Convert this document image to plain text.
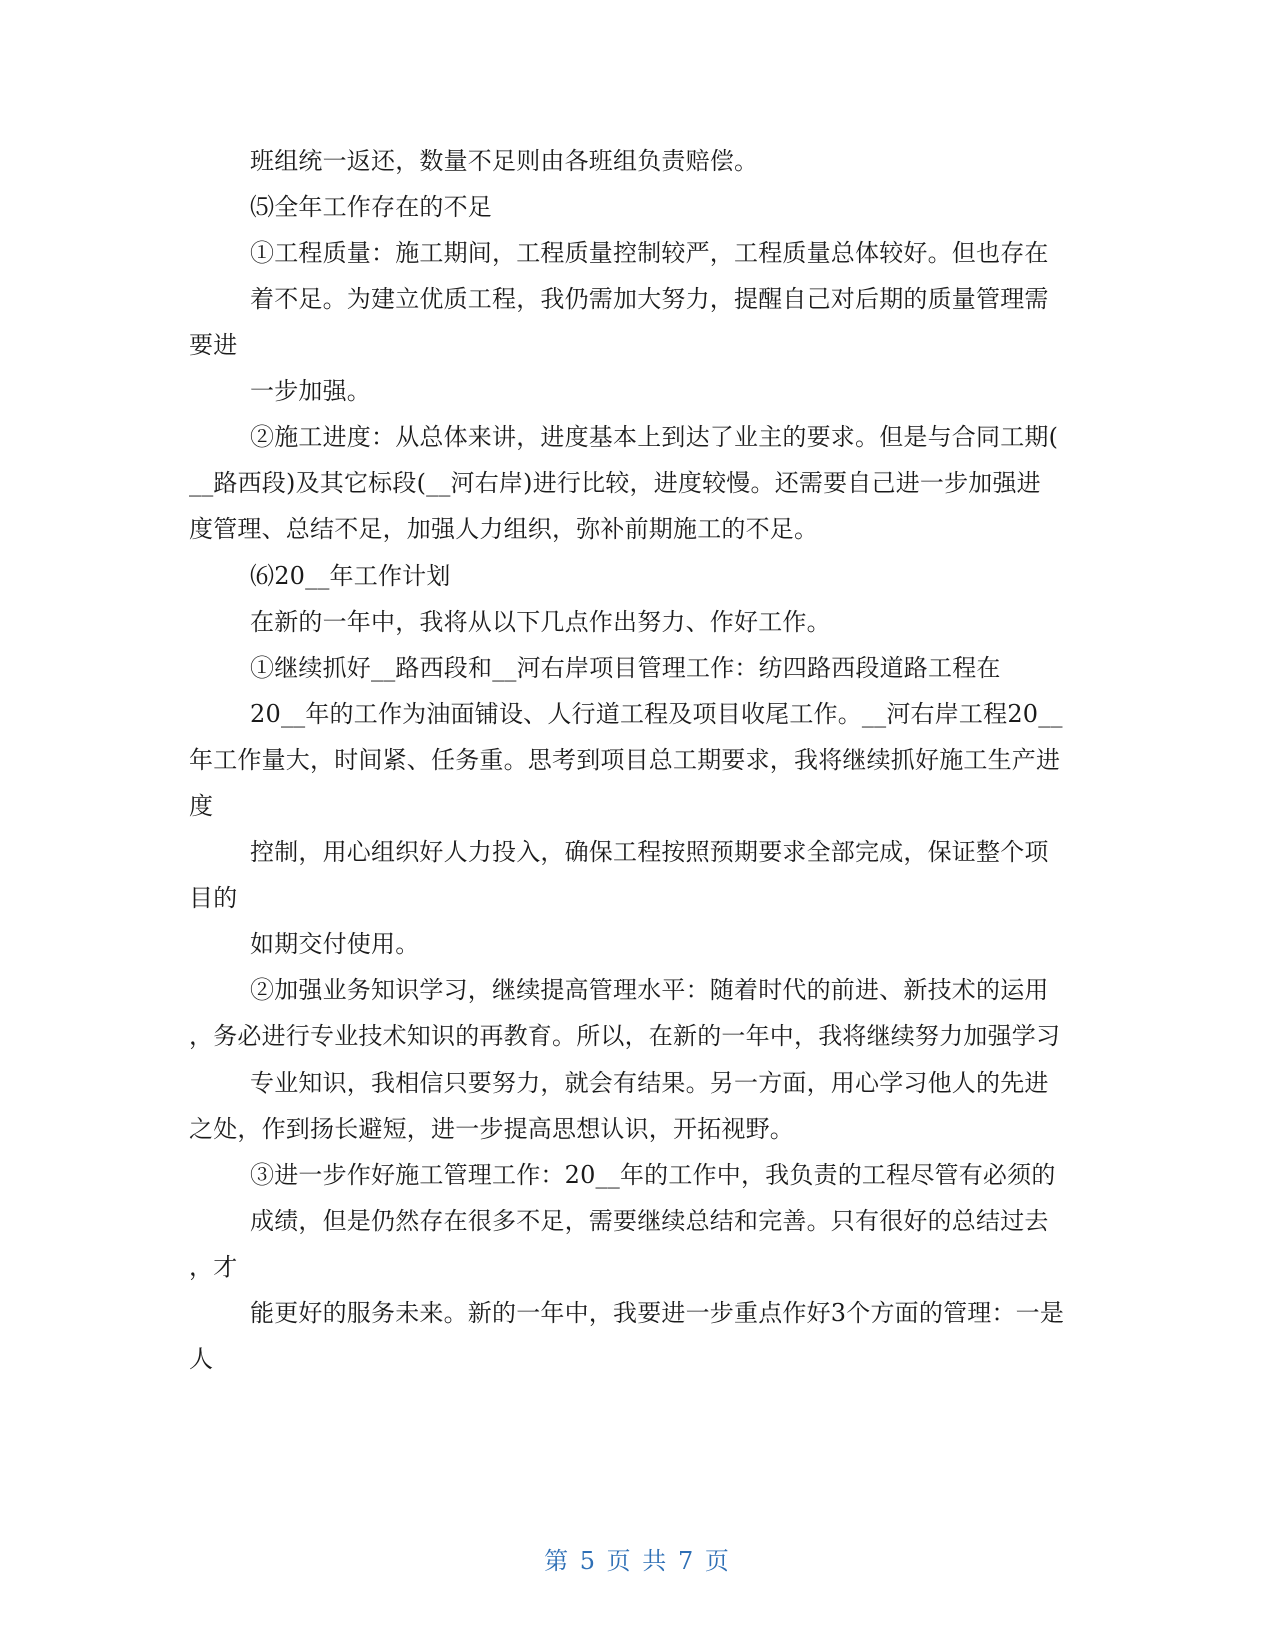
班组统一返还，数量不足则由各班组负责赔偿。
⑸全年工作存在的不足
①工程质量：施工期间，工程质量控制较严，工程质量总体较好。但也存在
着不足。为建立优质工程，我仍需加大努力，提醒自己对后期的质量管理需
要进
一步加强。
②施工进度：从总体来讲，进度基本上到达了业主的要求。但是与合同工期(
__路西段)及其它标段(__河右岸)进行比较，进度较慢。还需要自己进一步加强进
度管理、总结不足，加强人力组织，弥补前期施工的不足。
⑹20__年工作计划
在新的一年中，我将从以下几点作出努力、作好工作。
①继续抓好__路西段和__河右岸项目管理工作：纺四路西段道路工程在
20__年的工作为油面铺设、人行道工程及项目收尾工作。__河右岸工程20__
年工作量大，时间紧、任务重。思考到项目总工期要求，我将继续抓好施工生产进
度
控制，用心组织好人力投入，确保工程按照预期要求全部完成，保证整个项
目的
如期交付使用。
②加强业务知识学习，继续提高管理水平：随着时代的前进、新技术的运用
，务必进行专业技术知识的再教育。所以，在新的一年中，我将继续努力加强学习
专业知识，我相信只要努力，就会有结果。另一方面，用心学习他人的先进
之处，作到扬长避短，进一步提高思想认识，开拓视野。
③进一步作好施工管理工作：20__年的工作中，我负责的工程尽管有必须的
成绩，但是仍然存在很多不足，需要继续总结和完善。只有很好的总结过去
，才
能更好的服务未来。新的一年中，我要进一步重点作好3个方面的管理：一是
人
第 5 页 共 7 页
